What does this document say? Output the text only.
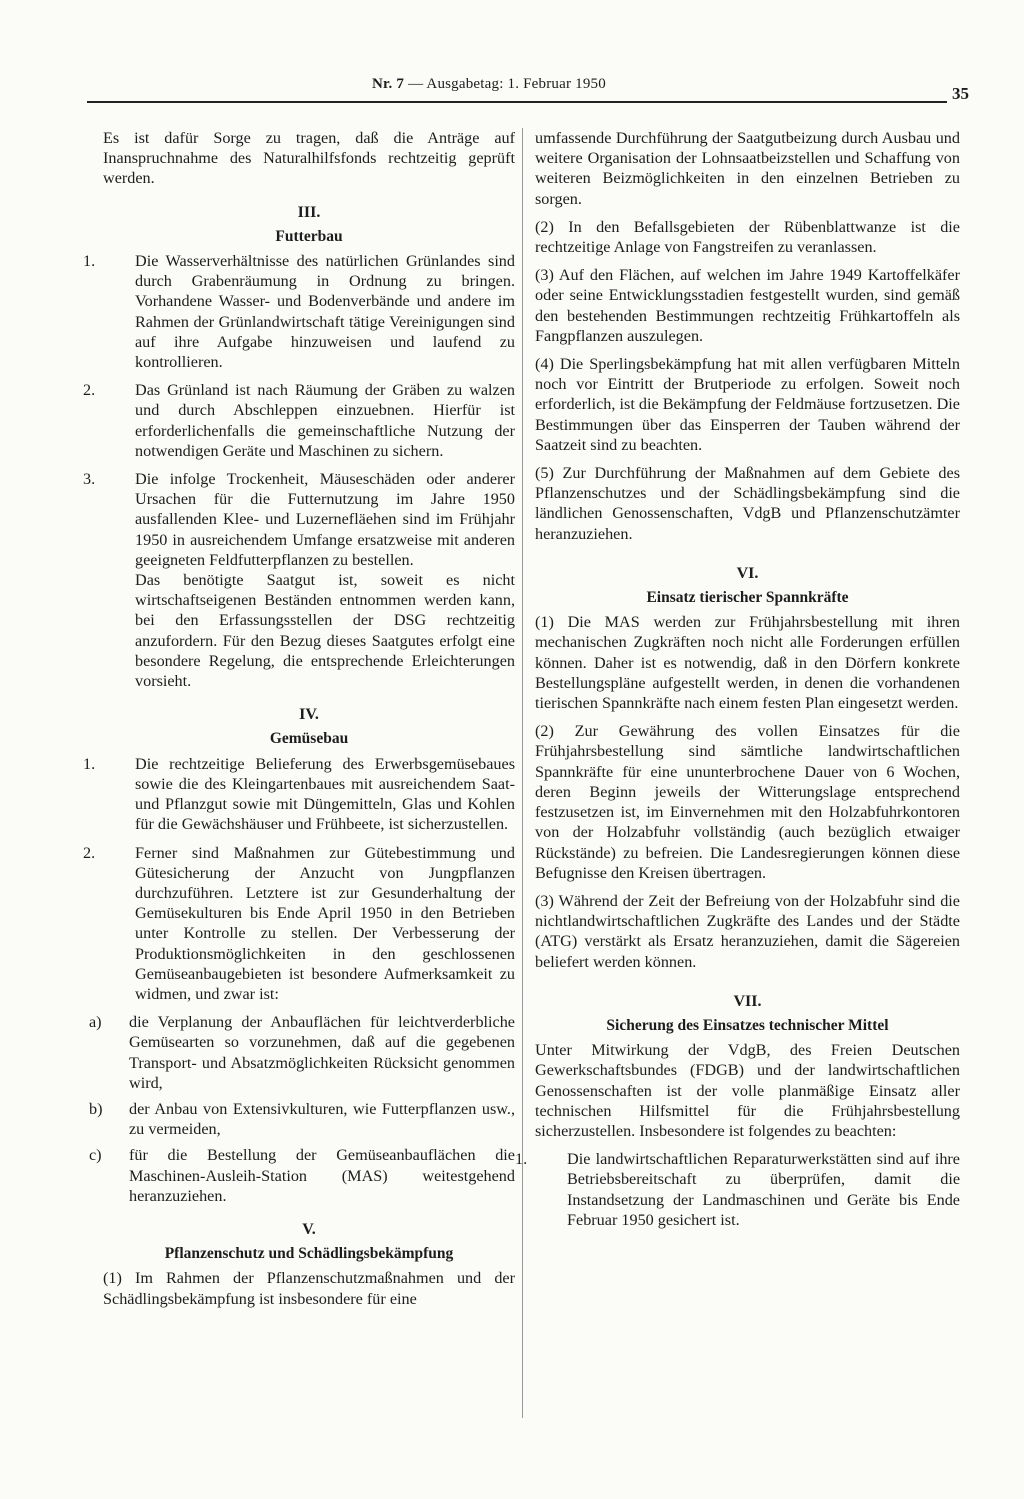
Nr. 7 — Ausgabetag: 1. Februar 1950	35

Es ist dafür Sorge zu tragen, daß die Anträge auf Inanspruchnahme des Naturalhilfsfonds rechtzeitig geprüft werden.

III.
Futterbau
1. Die Wasserverhältnisse des natürlichen Grünlandes sind durch Grabenräumung in Ordnung zu bringen. Vorhandene Wasser- und Bodenverbände und andere im Rahmen der Grünlandwirtschaft tätige Vereinigungen sind auf ihre Aufgabe hinzuweisen und laufend zu kontrollieren.
2. Das Grünland ist nach Räumung der Gräben zu walzen und durch Abschleppen einzuebnen. Hierfür ist erforderlichenfalls die gemeinschaftliche Nutzung der notwendigen Geräte und Maschinen zu sichern.
3. Die infolge Trockenheit, Mäuseschäden oder anderer Ursachen für die Futternutzung im Jahre 1950 ausfallenden Klee- und Luzernefläehen sind im Frühjahr 1950 in ausreichendem Umfange ersatzweise mit anderen geeigneten Feldfutterpflanzen zu bestellen.

Das benötigte Saatgut ist, soweit es nicht wirtschaftseigenen Beständen entnommen werden kann, bei den Erfassungsstellen der DSG rechtzeitig anzufordern. Für den Bezug dieses Saatgutes erfolgt eine besondere Regelung, die entsprechende Erleichterungen vorsieht.

IV.
Gemüsebau
1. Die rechtzeitige Belieferung des Erwerbsgemüsebaues sowie die des Kleingartenbaues mit ausreichendem Saat- und Pflanzgut sowie mit Düngemitteln, Glas und Kohlen für die Gewächshäuser und Frühbeete, ist sicherzustellen.
2. Ferner sind Maßnahmen zur Gütebestimmung und Gütesicherung der Anzucht von Jungpflanzen durchzuführen. Letztere ist zur Gesunderhaltung der Gemüsekulturen bis Ende April 1950 in den Betrieben unter Kontrolle zu stellen. Der Verbesserung der Produktionsmöglichkeiten in den geschlossenen Gemüseanbaugebieten ist besondere Aufmerksamkeit zu widmen, und zwar ist:
a) die Verplanung der Anbauflächen für leichtverderbliche Gemüsearten so vorzunehmen, daß auf die gegebenen Transport- und Absatzmöglichkeiten Rücksicht genommen wird,
b) der Anbau von Extensivkulturen, wie Futterpflanzen usw., zu vermeiden,
c) für die Bestellung der Gemüseanbauflächen die Maschinen-Ausleih-Station (MAS) weitestgehend heranzuziehen.
V.
Pflanzenschutz und Schädlingsbekämpfung

(1) Im Rahmen der Pflanzenschutzmaßnahmen und der Schädlingsbekämpfung ist insbesondere für eine

umfassende Durchführung der Saatgutbeizung durch Ausbau und weitere Organisation der Lohnsaatbeizstellen und Schaffung von weiteren Beizmöglichkeiten in den einzelnen Betrieben zu sorgen.

(2) In den Befallsgebieten der Rübenblattwanze ist die rechtzeitige Anlage von Fangstreifen zu veranlassen.

(3) Auf den Flächen, auf welchen im Jahre 1949 Kartoffelkäfer oder seine Entwicklungsstadien festgestellt wurden, sind gemäß den bestehenden Bestimmungen rechtzeitig Frühkartoffeln als Fangpflanzen auszulegen.

(4) Die Sperlingsbekämpfung hat mit allen verfügbaren Mitteln noch vor Eintritt der Brutperiode zu erfolgen. Soweit noch erforderlich, ist die Bekämpfung der Feldmäuse fortzusetzen. Die Bestimmungen über das Einsperren der Tauben während der Saatzeit sind zu beachten.

(5) Zur Durchführung der Maßnahmen auf dem Gebiete des Pflanzenschutzes und der Schädlingsbekämpfung sind die ländlichen Genossenschaften, VdgB und Pflanzenschutzämter heranzuziehen.

VI.
Einsatz tierischer Spannkräfte

(1) Die MAS werden zur Frühjahrsbestellung mit ihren mechanischen Zugkräften noch nicht alle Forderungen erfüllen können. Daher ist es notwendig, daß in den Dörfern konkrete Bestellungspläne aufgestellt werden, in denen die vorhandenen tierischen Spannkräfte nach einem festen Plan eingesetzt werden.

(2) Zur Gewährung des vollen Einsatzes für die Frühjahrsbestellung sind sämtliche landwirtschaftlichen Spannkräfte für eine ununterbrochene Dauer von 6 Wochen, deren Beginn jeweils der Witterungslage entsprechend festzusetzen ist, im Einvernehmen mit den Holzabfuhrkontoren von der Holzabfuhr vollständig (auch bezüglich etwaiger Rückstände) zu befreien. Die Landesregierungen können diese Befugnisse den Kreisen übertragen.

(3) Während der Zeit der Befreiung von der Holzabfuhr sind die nichtlandwirtschaftlichen Zugkräfte des Landes und der Städte (ATG) verstärkt als Ersatz heranzuziehen, damit die Sägereien beliefert werden können.

VII.
Sicherung des Einsatzes technischer Mittel

Unter Mitwirkung der VdgB, des Freien Deutschen Gewerkschaftsbundes (FDGB) und der landwirtschaftlichen Genossenschaften ist der volle planmäßige Einsatz aller technischen Hilfsmittel für die Frühjahrsbestellung sicherzustellen. Insbesondere ist folgendes zu beachten:

1. Die landwirtschaftlichen Reparaturwerkstätten sind auf ihre Betriebsbereitschaft zu überprüfen, damit die Instandsetzung der Landmaschinen und Geräte bis Ende Februar 1950 gesichert ist.
